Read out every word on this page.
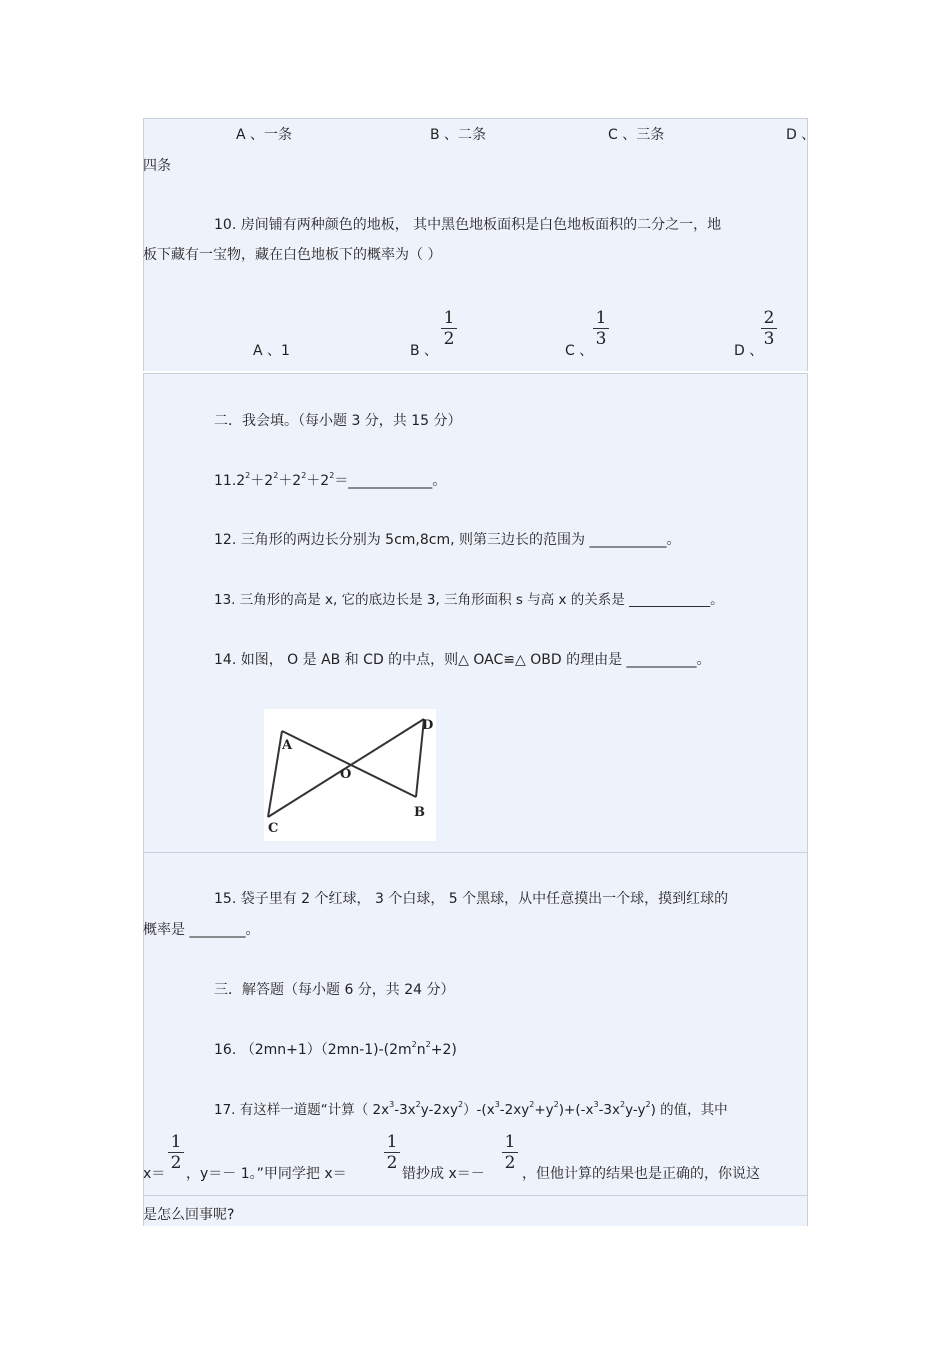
A 、一条	B 、二条	C 、三条	D 、
四条
10. 房间铺有两种颜色的地板， 其中黑色地板面积是白色地板面积的二分之一，地
板下藏有一宝物，藏在白色地板下的概率为（ ）
A 、1	B 、
1
2
C 、
1
3
D 、
2
3
二．我会填。（每小题 3 分，共 15 分）
$11.2^2+2^2+2^2+2^2=\_\_\_\_\_\_\_\_\_\_\_\_$。
12. 三角形的两边长分别为 5cm,8cm, 则第三边长的范围为 ___________。
13. 三角形的高是 x, 它的底边长是 3, 三角形面积 s 与高 x 的关系是 ____________。
14. 如图， O 是 AB 和 CD 的中点，则△ OAC≌△ OBD 的理由是 __________。
A
D
O
B
C
15. 袋子里有 2 个红球， 3 个白球， 5 个黑球，从中任意摸出一个球，摸到红球的
概率是 ________。
三．解答题（每小题 6 分，共 24 分）
16. $(2mn+1)(2mn-1)-(2m^2n^2+2)$
17. 有这样一道题“计算（ $2x^3-3x^2y-2xy^2)-(x^3-2xy^2+y^2)+(-x^3-3x^2y-y^2)$ 的值，其中
x＝
1
2
，y＝－ 1。”甲同学把 x＝
1
2
错抄成 x＝－
1
2
，但他计算的结果也是正确的，你说这
是怎么回事呢?
